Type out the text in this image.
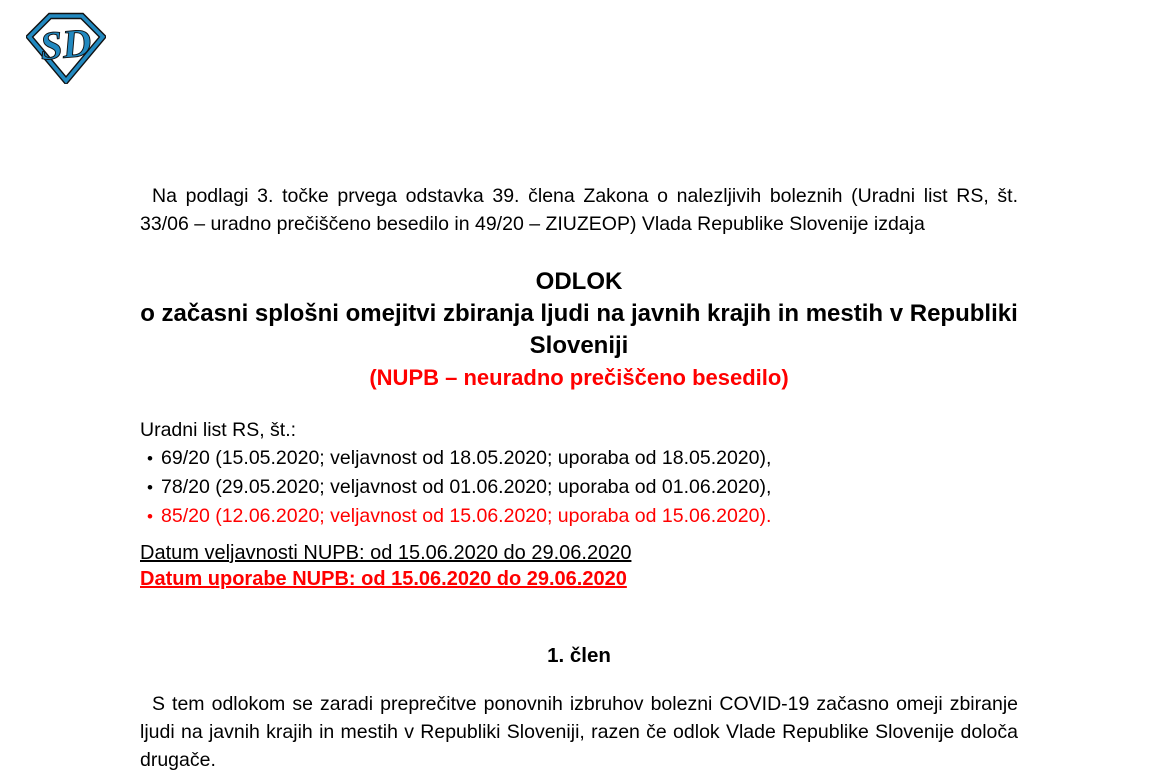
SD

Na podlagi 3. točke prvega odstavka 39. člena Zakona o nalezljivih boleznih (Uradni list RS, št. 33/06 – uradno prečiščeno besedilo in 49/20 – ZIUZEOP) Vlada Republike Slovenije izdaja

ODLOK
o začasni splošni omejitvi zbiranja ljudi na javnih krajih in mestih v Republiki Sloveniji
(NUPB – neuradno prečiščeno besedilo)
Uradni list RS, št.:
• 69/20 (15.05.2020; veljavnost od 18.05.2020; uporaba od 18.05.2020),
• 78/20 (29.05.2020; veljavnost od 01.06.2020; uporaba od 01.06.2020),
• 85/20 (12.06.2020; veljavnost od 15.06.2020; uporaba od 15.06.2020).
Datum veljavnosti NUPB: od 15.06.2020 do 29.06.2020
Datum uporabe NUPB: od 15.06.2020 do 29.06.2020
1. člen

S tem odlokom se zaradi preprečitve ponovnih izbruhov bolezni COVID-19 začasno omeji zbiranje ljudi na javnih krajih in mestih v Republiki Sloveniji, razen če odlok Vlade Republike Slovenije določa drugače.
